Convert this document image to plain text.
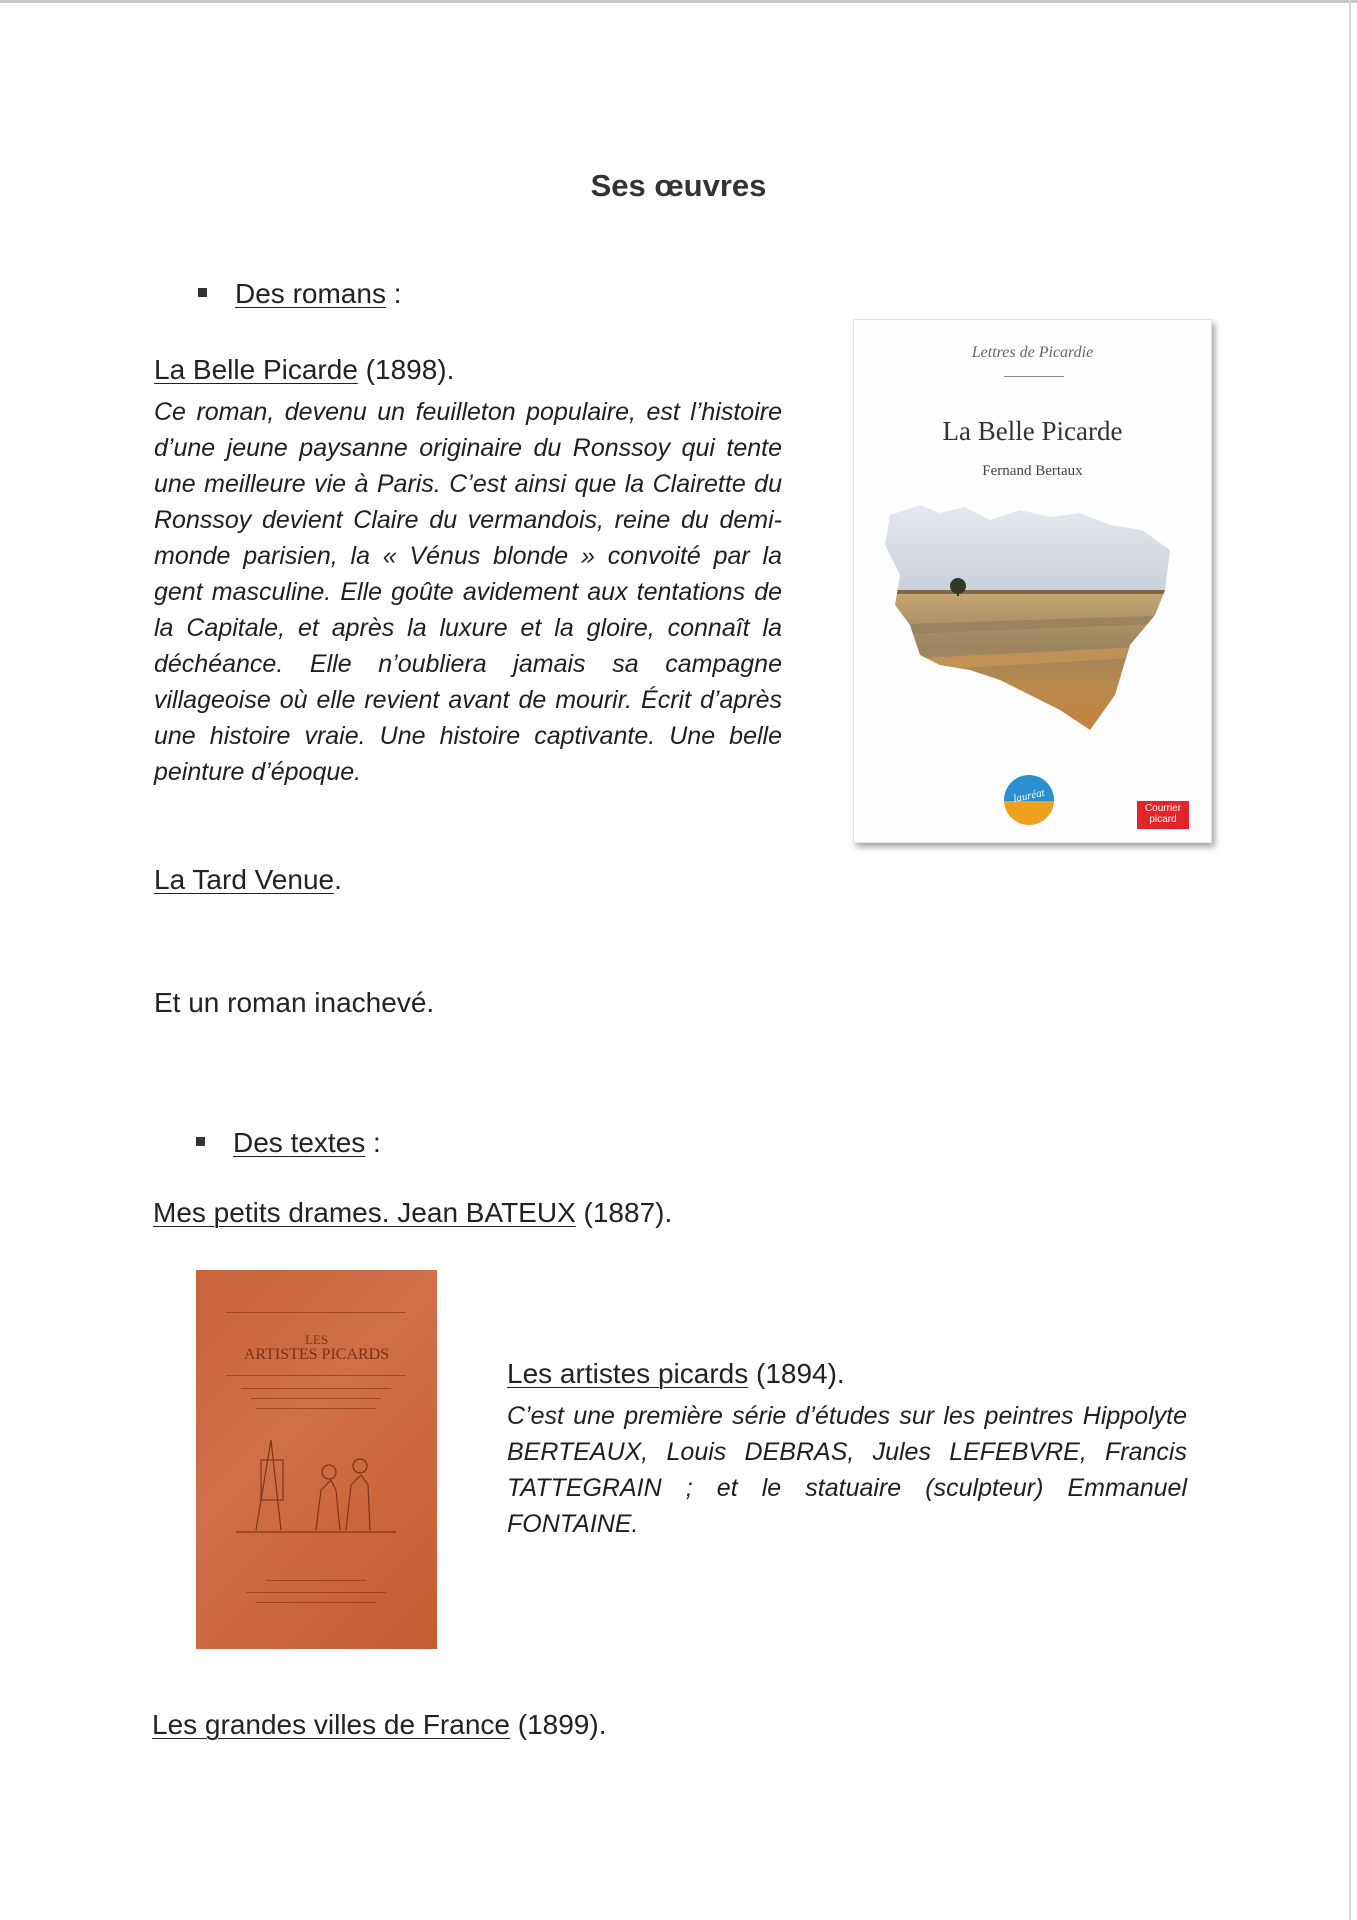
Ses œuvres
Des romans :
La Belle Picarde (1898).
Ce roman, devenu un feuilleton populaire, est l’histoire d’une jeune paysanne originaire du Ronssoy qui tente une meilleure vie à Paris. C’est ainsi que la Clairette du Ronssoy devient Claire du vermandois, reine du demi-monde parisien, la « Vénus blonde » convoité par la gent masculine. Elle goûte avidement aux tentations de la Capitale, et après la luxure et la gloire, connaît la déchéance. Elle n’oubliera jamais sa campagne villageoise où elle revient avant de mourir. Écrit d’après une histoire vraie. Une histoire captivante. Une belle peinture d’époque.
Lettres de Picardie
La Belle Picarde
Fernand Bertaux
lauréat
Courrier picard
La Tard Venue.
Et un roman inachevé.
Des textes :
Mes petits drames. Jean BATEUX (1887).
LES
ARTISTES PICARDS
Les artistes picards (1894).
C’est une première série d’études sur les peintres Hippolyte BERTEAUX, Louis DEBRAS, Jules LEFEBVRE, Francis TATTEGRAIN ; et le statuaire (sculpteur) Emmanuel FONTAINE.
Les grandes villes de France (1899).
